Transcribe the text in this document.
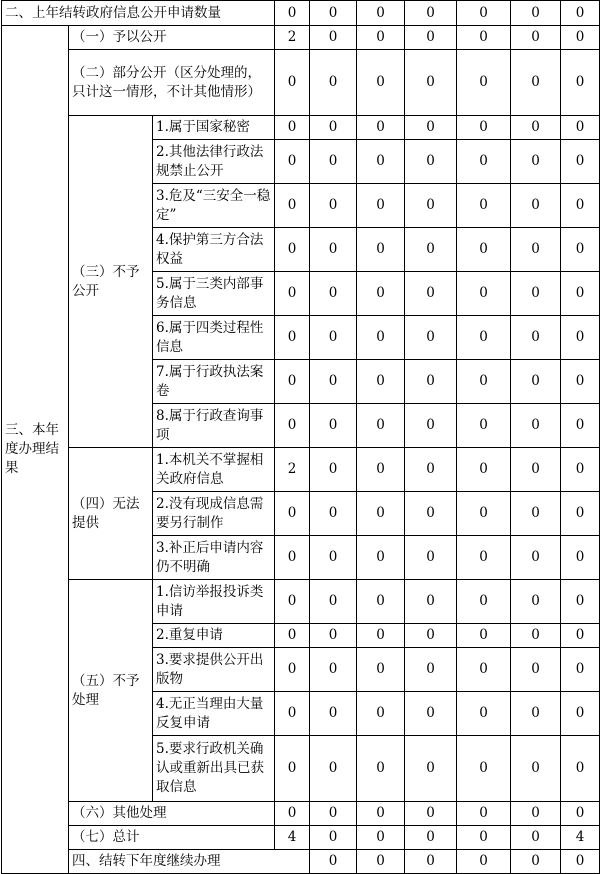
二、上年结转政府信息公开申请数量			0	0	0	0	0	0	0	
三、本年度办理结果	（一）予以公开		2	0	0	0	0	0	0	
	（二）部分公开（区分处理的，只计这一情形，不计其他情形）		0	0	0	0	0	0	0	
	（三）不予公开	1.属于国家秘密	0	0	0	0	0	0	0	
		2.其他法律行政法规禁止公开	0	0	0	0	0	0	0	
		3.危及“三安全一稳定”	0	0	0	0	0	0	0	
		4.保护第三方合法权益	0	0	0	0	0	0	0	
		5.属于三类内部事务信息	0	0	0	0	0	0	0	
		6.属于四类过程性信息	0	0	0	0	0	0	0	
		7.属于行政执法案卷	0	0	0	0	0	0	0	
		8.属于行政查询事项	0	0	0	0	0	0	0	
	（四）无法提供	1.本机关不掌握相关政府信息	2	0	0	0	0	0	0	
		2.没有现成信息需要另行制作	0	0	0	0	0	0	0	
		3.补正后申请内容仍不明确	0	0	0	0	0	0	0	
	（五）不予处理	1.信访举报投诉类申请	0	0	0	0	0	0	0	
		2.重复申请	0	0	0	0	0	0	0	
		3.要求提供公开出版物	0	0	0	0	0	0	0	
		4.无正当理由大量反复申请	0	0	0	0	0	0	0	
		5.要求行政机关确认或重新出具已获取信息	0	0	0	0	0	0	0	
	（六）其他处理		0	0	0	0	0	0	0	
	（七）总计		4	0	0	0	0	0	4	
	四、结转下年度继续办理			0	0	0	0	0	0	
